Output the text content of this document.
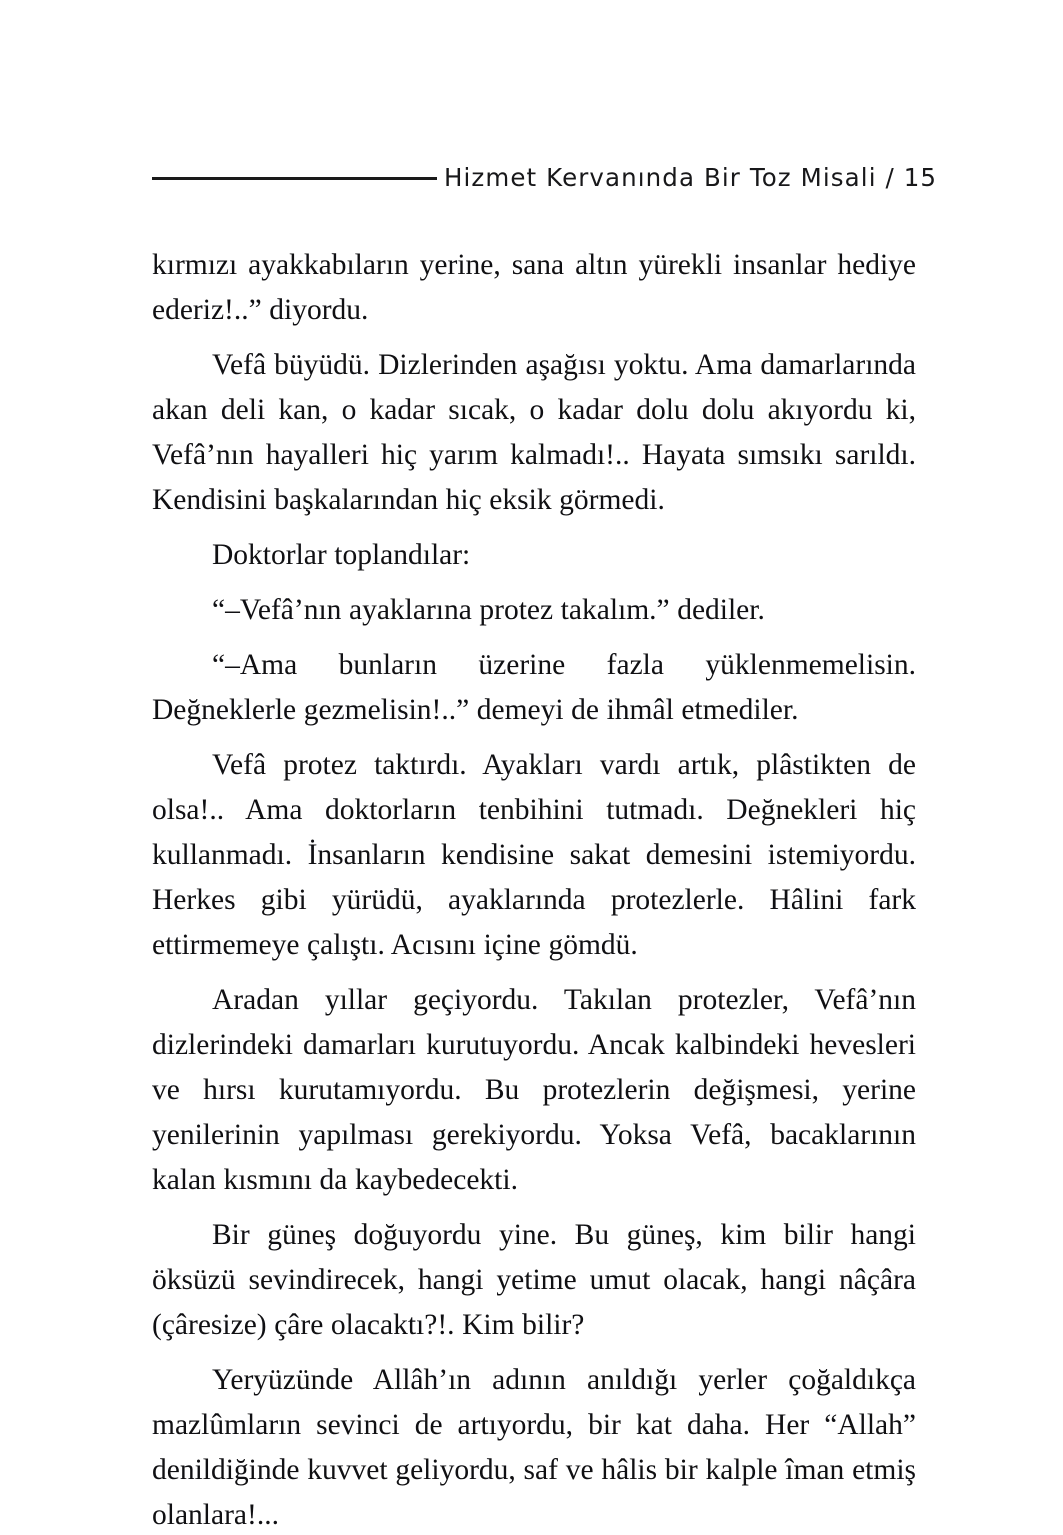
Hizmet Kervanında Bir Toz Misali / 15

kırmızı ayakkabıların yerine, sana altın yürekli insanlar hediye ederiz!..” diyordu.

Vefâ büyüdü. Dizlerinden aşağısı yoktu. Ama damarlarında akan deli kan, o kadar sıcak, o kadar dolu dolu akıyordu ki, Vefâ’nın hayalleri hiç yarım kalmadı!.. Hayata sımsıkı sarıldı. Kendisini başkalarından hiç eksik görmedi.

Doktorlar toplandılar:

“–Vefâ’nın ayaklarına protez takalım.” dediler.

“–Ama bunların üzerine fazla yüklenmemelisin. Değneklerle gezmelisin!..” demeyi de ihmâl etmediler.

Vefâ protez taktırdı. Ayakları vardı artık, plâstikten de olsa!.. Ama doktorların tenbihini tutmadı. Değnekleri hiç kullanmadı. İnsanların kendisine sakat demesini istemiyordu. Herkes gibi yürüdü, ayaklarında protezlerle. Hâlini fark ettirmemeye çalıştı. Acısını içine gömdü.

Aradan yıllar geçiyordu. Takılan protezler, Vefâ’nın dizlerindeki damarları kurutuyordu. Ancak kalbindeki hevesleri ve hırsı kurutamıyordu. Bu protezlerin değişmesi, yerine yenilerinin yapılması gerekiyordu. Yoksa Vefâ, bacaklarının kalan kısmını da kaybedecekti.

Bir güneş doğuyordu yine. Bu güneş, kim bilir hangi öksüzü sevindirecek, hangi yetime umut olacak, hangi nâçâra (çâresize) çâre olacaktı?!. Kim bilir?

Yeryüzünde Allâh’ın adının anıldığı yerler çoğaldıkça mazlûmların sevinci de artıyordu, bir kat daha. Her “Allah” denildiğinde kuvvet geliyordu, saf ve hâlis bir kalple îman etmiş olanlara!...
